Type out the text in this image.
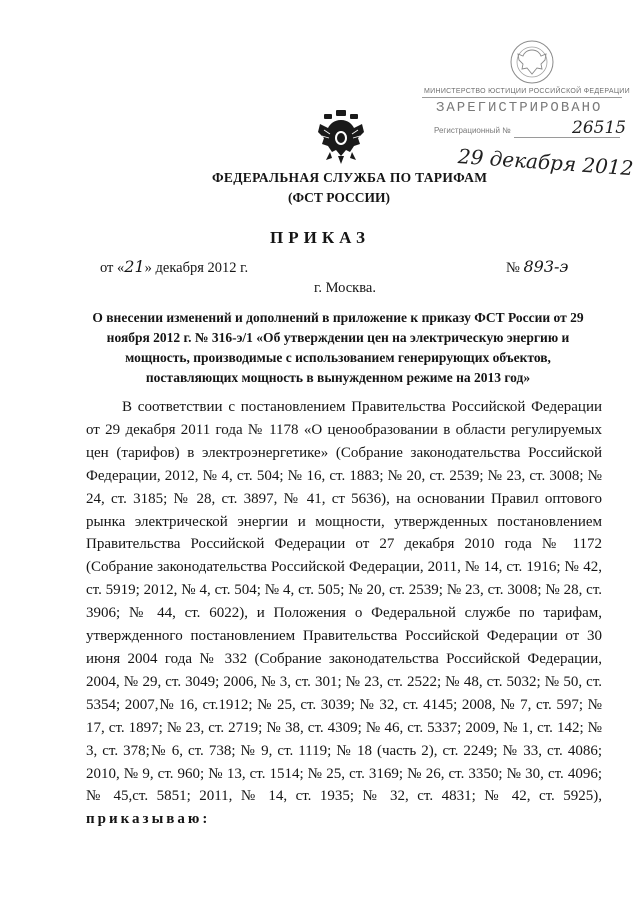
МИНИСТЕРСТВО ЮСТИЦИИ РОССИЙСКОЙ ФЕДЕРАЦИИ
ЗАРЕГИСТРИРОВАНО
Регистрационный №	26515
29 декабря 2012
ФЕДЕРАЛЬНАЯ СЛУЖБА ПО ТАРИФАМ
(ФСТ РОССИИ)
ПРИКАЗ
от «21» декабря 2012 г.	№ 893-э
г. Москва.
О внесении изменений и дополнений в приложение к приказу ФСТ России от 29 ноября 2012 г. № 316-э/1 «Об утверждении цен на электрическую энергию и мощность, производимые с использованием генерирующих объектов, поставляющих мощность в вынужденном режиме на 2013 год»
В соответствии с постановлением Правительства Российской Федерации от 29 декабря 2011 года № 1178 «О ценообразовании в области регулируемых цен (тарифов) в электроэнергетике» (Собрание законодательства Российской Федерации, 2012, № 4, ст. 504; № 16, ст. 1883; № 20, ст. 2539; № 23, ст. 3008; № 24, ст. 3185; № 28, ст. 3897, № 41, ст 5636), на основании Правил оптового рынка электрической энергии и мощности, утвержденных постановлением Правительства Российской Федерации от 27 декабря 2010 года № 1172 (Собрание законодательства Российской Федерации, 2011, № 14, ст. 1916; № 42, ст. 5919; 2012, № 4, ст. 504; № 4, ст. 505; № 20, ст. 2539; № 23, ст. 3008; № 28, ст. 3906; № 44, ст. 6022), и Положения о Федеральной службе по тарифам, утвержденного постановлением Правительства Российской Федерации от 30 июня 2004 года № 332 (Собрание законодательства Российской Федерации, 2004, № 29, ст. 3049; 2006, № 3, ст. 301; № 23, ст. 2522; № 48, ст. 5032; № 50, ст. 5354; 2007,№ 16, ст.1912; № 25, ст. 3039; № 32, ст. 4145; 2008, № 7, ст. 597; № 17, ст. 1897; № 23, ст. 2719; № 38, ст. 4309; № 46, ст. 5337; 2009, № 1, ст. 142; № 3, ст. 378;№ 6, ст. 738; № 9, ст. 1119; № 18 (часть 2), ст. 2249; № 33, ст. 4086; 2010, № 9, ст. 960; № 13, ст. 1514; № 25, ст. 3169; № 26, ст. 3350; № 30, ст. 4096; № 45,ст. 5851; 2011, № 14, ст. 1935; № 32, ст. 4831; № 42, ст. 5925), приказываю:
